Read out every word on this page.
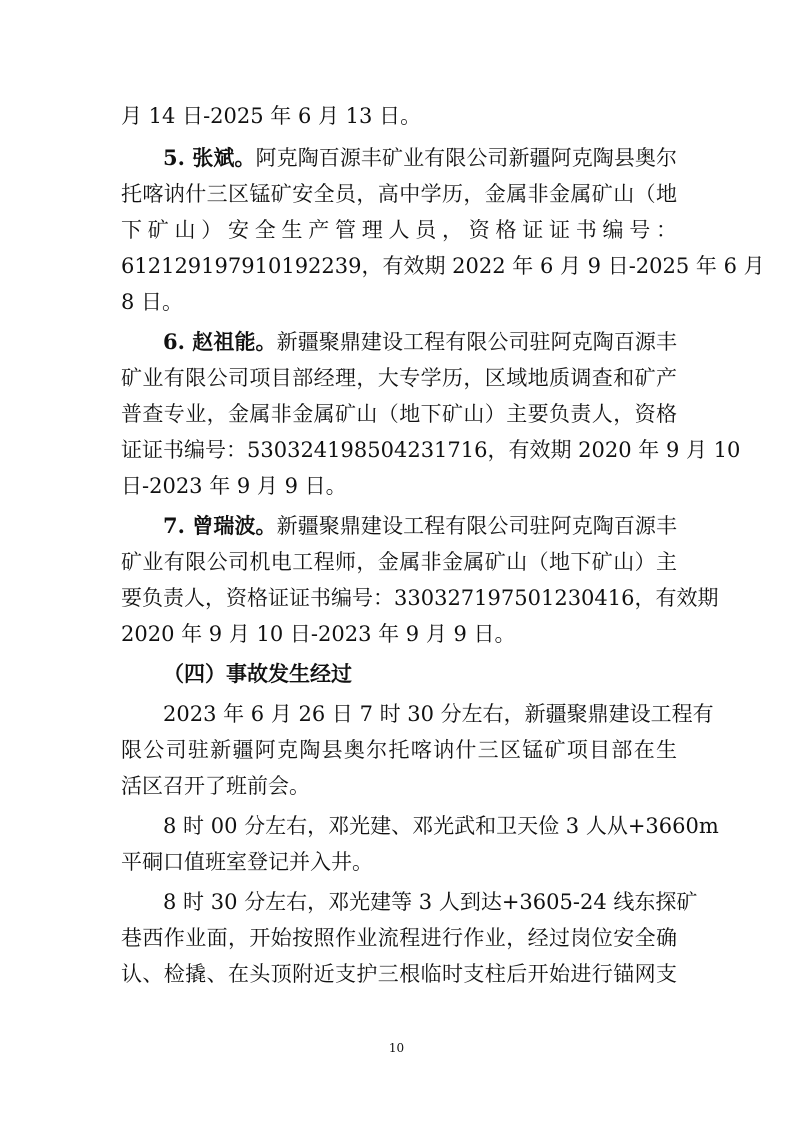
月 14 日-2025 年 6 月 13 日。
5. 张斌。阿克陶百源丰矿业有限公司新疆阿克陶县奥尔
托喀讷什三区锰矿安全员，高中学历，金属非金属矿山（地
下矿山）安全生产管理人员，资格证证书编号：
61212919791019223​9，有效期 2022 年 6 月 9 日-2025 年 6 月
8 日。
6. 赵祖能。新疆聚鼎建设工程有限公司驻阿克陶百源丰
矿业有限公司项目部经理，大专学历，区域地质调查和矿产
普查专业，金属非金属矿山（地下矿山）主要负责人，资格
证证书编号：530324198504231716，有效期 2020 年 9 月 10
日-2023 年 9 月 9 日。
7. 曾瑞波。新疆聚鼎建设工程有限公司驻阿克陶百源丰
矿业有限公司机电工程师，金属非金属矿山（地下矿山）主
要负责人，资格证证书编号：330327197501230416，有效期
2020 年 9 月 10 日-2023 年 9 月 9 日。
（四）事故发生经过
2023 年 6 月 26 日 7 时 30 分左右，新疆聚鼎建设工程有
限公司驻新疆阿克陶县奥尔托喀讷什三区锰矿项目部在生
活区召开了班前会。
8 时 00 分左右，邓光建、邓光武和卫天俭 3 人从+3660m
平硐口值班室登记并入井。
8 时 30 分左右，邓光建等 3 人到达+3605-24 线东探矿
巷西作业面，开始按照作业流程进行作业，经过岗位安全确
认、检撬、在头顶附近支护三根临时支柱后开始进行锚网支
10
